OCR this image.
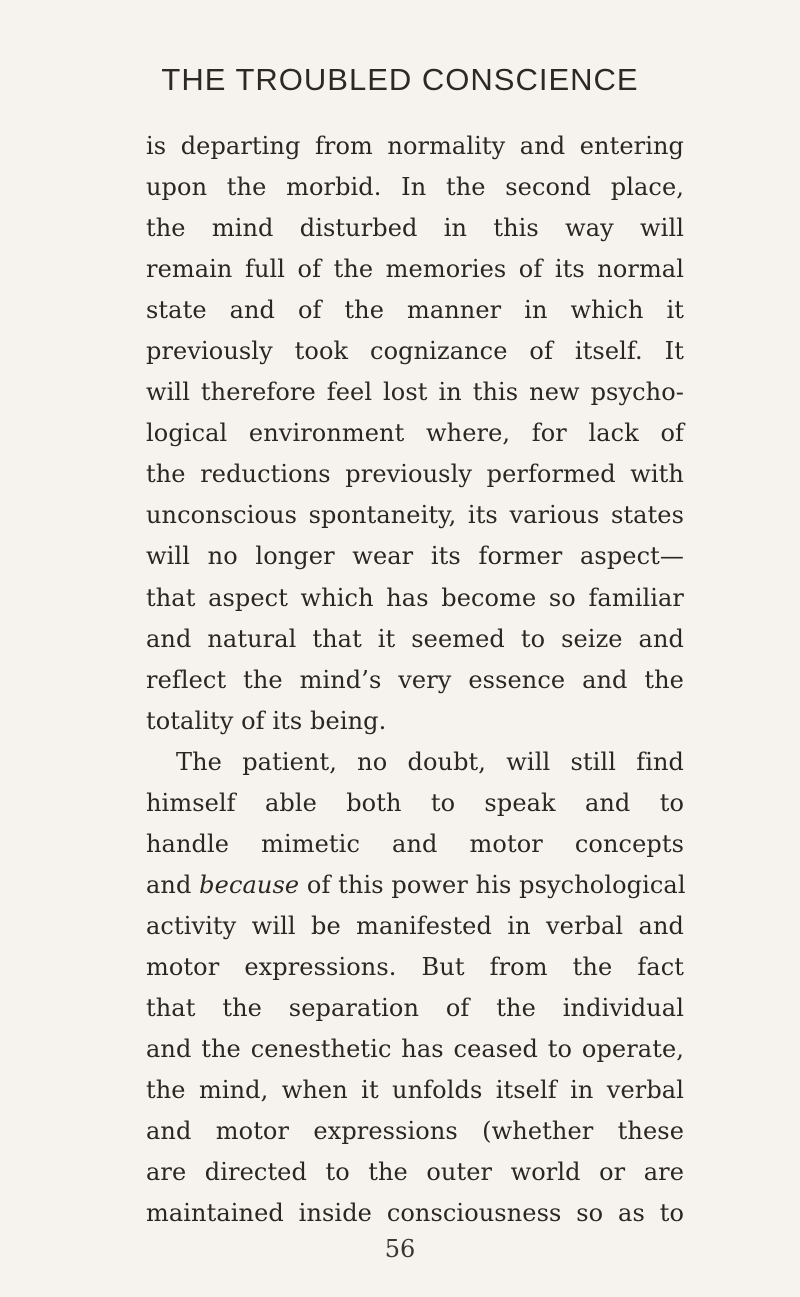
THE TROUBLED CONSCIENCE
is departing from normality and entering
upon the morbid. In the second place,
the mind disturbed in this way will
remain full of the memories of its normal
state and of the manner in which it
previously took cognizance of itself. It
will therefore feel lost in this new psycho-
logical environment where, for lack of
the reductions previously performed with
unconscious spontaneity, its various states
will no longer wear its former aspect—
that aspect which has become so familiar
and natural that it seemed to seize and
reflect the mind’s very essence and the
totality of its being.
The patient, no doubt, will still find
himself able both to speak and to
handle mimetic and motor concepts
and because of this power his psychological
activity will be manifested in verbal and
motor expressions. But from the fact
that the separation of the individual
and the cenesthetic has ceased to operate,
the mind, when it unfolds itself in verbal
and motor expressions (whether these
are directed to the outer world or are
maintained inside consciousness so as to
56
